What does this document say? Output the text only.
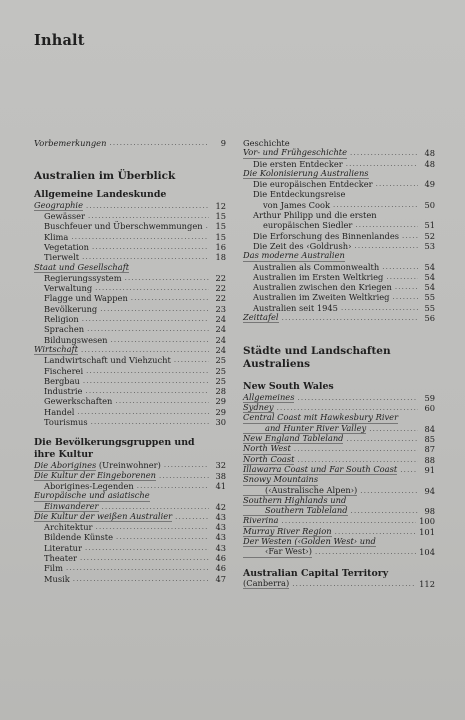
Inhalt
Vorbemerkungen .....	9
Australien im Überblick
Allgemeine Landeskunde
Geographie .....	12
Gewässer .....	15
Buschfeuer und Überschwemmungen .....	15
Klima .....	15
Vegetation .....	16
Tierwelt .....	18
Staat und Gesellschaft
Regierungssystem .....	22
Verwaltung .....	22
Flagge und Wappen .....	22
Bevölkerung .....	23
Religion .....	24
Sprachen .....	24
Bildungswesen .....	24
Wirtschaft .....	24
Landwirtschaft und Viehzucht .....	25
Fischerei .....	25
Bergbau .....	25
Industrie .....	28
Gewerkschaften .....	29
Handel .....	29
Tourismus .....	30
Die Bevölkerungsgruppen und
ihre Kultur
Die Aborigines (Ureinwohner) .....	32
Die Kultur der Eingeborenen .....	38
Aborigines-Legenden .....	41
Europäische und asiatische
Einwanderer .....	42
Die Kultur der weißen Australier .....	43
Architektur .....	43
Bildende Künste .....	43
Literatur .....	43
Theater .....	46
Film .....	46
Musik .....	47
Geschichte
Vor- und Frühgeschichte .....	48
Die ersten Entdecker .....	48
Die Kolonisierung Australiens
Die europäischen Entdecker .....	49
Die Entdeckungsreise
von James Cook .....	50
Arthur Philipp und die ersten
europäischen Siedler .....	51
Die Erforschung des Binnenlandes .....	52
Die Zeit des ‹Goldrush› .....	53
Das moderne Australien
Australien als Commonwealth .....	54
Australien im Ersten Weltkrieg .....	54
Australien zwischen den Kriegen .....	54
Australien im Zweiten Weltkrieg .....	55
Australien seit 1945 .....	55
Zeittafel .....	56
Städte und Landschaften
Australiens
New South Wales
Allgemeines .....	59
Sydney .....	60
Central Coast mit Hawkesbury River
and Hunter River Valley .....	84
New England Tableland .....	85
North West .....	87
North Coast .....	88
Illawarra Coast und Far South Coast .....	91
Snowy Mountains
(‹Australische Alpen›) .....	94
Southern Highlands und
Southern Tableland .....	98
Riverina .....	100
Murray River Region .....	101
Der Westen (‹Golden West› und
‹Far West›) .....	104
Australian Capital Territory
(Canberra) .....	112
